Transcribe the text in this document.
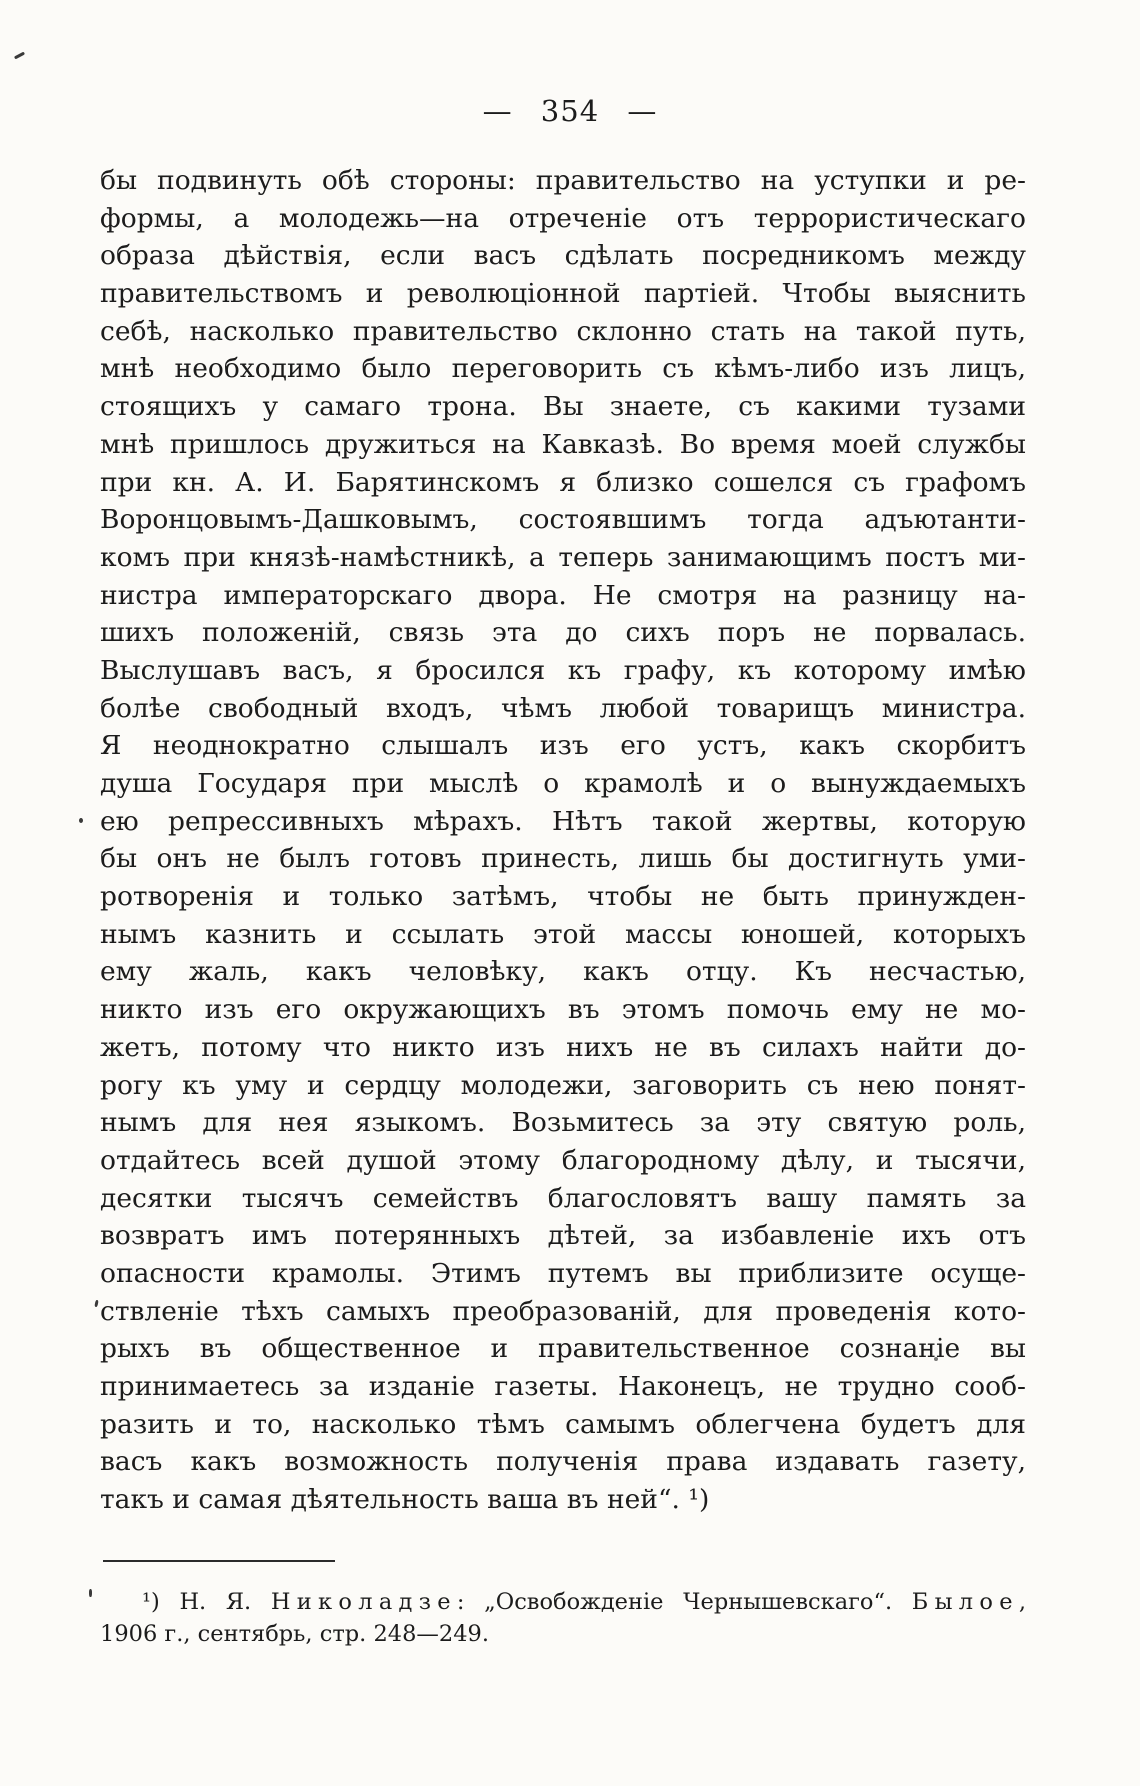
— 354 —
бы подвинуть обѣ стороны: правительство на уступки и ре-
формы, а молодежь—на отреченіе отъ террористическаго
образа дѣйствія, если васъ сдѣлать посредникомъ между
правительствомъ и революціонной партіей. Чтобы выяснить
себѣ, насколько правительство склонно стать на такой путь,
мнѣ необходимо было переговорить съ кѣмъ-либо изъ лицъ,
стоящихъ у самаго трона. Вы знаете, съ какими тузами
мнѣ пришлось дружиться на Кавказѣ. Во время моей службы
при кн. А. И. Барятинскомъ я близко сошелся съ графомъ
Воронцовымъ-Дашковымъ, состоявшимъ тогда адъютанти-
комъ при князѣ-намѣстникѣ, а теперь занимающимъ постъ ми-
нистра императорскаго двора. Не смотря на разницу на-
шихъ положеній, связь эта до сихъ поръ не порвалась.
Выслушавъ васъ, я бросился къ графу, къ которому имѣю
болѣе свободный входъ, чѣмъ любой товарищъ министра.
Я неоднократно слышалъ изъ его устъ, какъ скорбитъ
душа Государя при мыслѣ о крамолѣ и о вынуждаемыхъ
ею репрессивныхъ мѣрахъ. Нѣтъ такой жертвы, которую
бы онъ не былъ готовъ принесть, лишь бы достигнуть уми-
ротворенія и только затѣмъ, чтобы не быть принужден-
нымъ казнить и ссылать этой массы юношей, которыхъ
ему жаль, какъ человѣку, какъ отцу. Къ несчастью,
никто изъ его окружающихъ въ этомъ помочь ему не мо-
жетъ, потому что никто изъ нихъ не въ силахъ найти до-
рогу къ уму и сердцу молодежи, заговорить съ нею понят-
нымъ для нея языкомъ. Возьмитесь за эту святую роль,
отдайтесь всей душой этому благородному дѣлу, и тысячи,
десятки тысячъ семействъ благословятъ вашу память за
возвратъ имъ потерянныхъ дѣтей, за избавленіе ихъ отъ
опасности крамолы. Этимъ путемъ вы приблизите осуще-
ствленіе тѣхъ самыхъ преобразованій, для проведенія кото-
рыхъ въ общественное и правительственное сознаніе вы
принимаетесь за изданіе газеты. Наконецъ, не трудно сооб-
разить и то, насколько тѣмъ самымъ облегчена будетъ для
васъ какъ возможность полученія права издавать газету,
такъ и самая дѣятельность ваша въ ней“. ¹)
¹) Н. Я. Николадзе: „Освобожденіе Чернышевскаго“. Былое,
1906 г., сентябрь, стр. 248—249.
